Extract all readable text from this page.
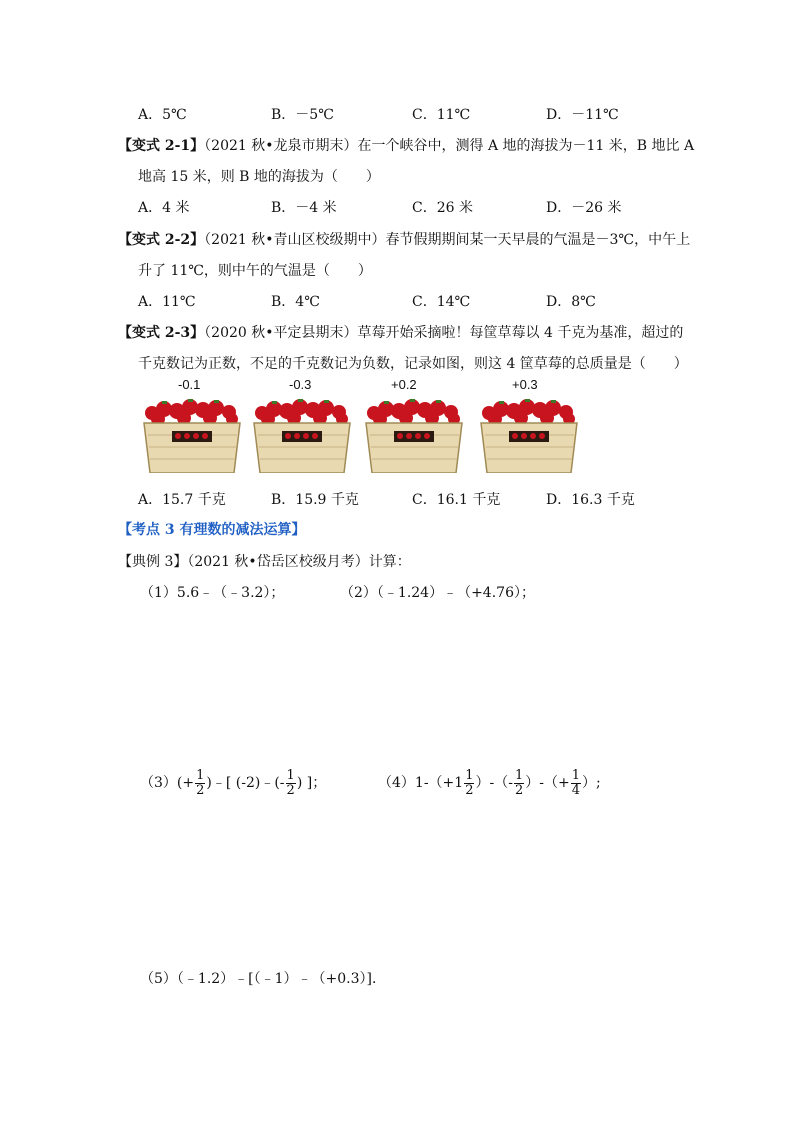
A．5℃	B．－5℃	C．11℃	D．－11℃
【变式 2-1】（2021 秋•龙泉市期末）在一个峡谷中，测得 A 地的海拔为－11 米，B 地比 A
地高 15 米，则 B 地的海拔为（　　）
A．4 米	B．－4 米	C．26 米	D．－26 米
【变式 2-2】（2021 秋•青山区校级期中）春节假期期间某一天早晨的气温是－3℃，中午上
升了 11℃，则中午的气温是（　　）
A．11℃	B．4℃	C．14℃	D．8℃
【变式 2-3】（2020 秋•平定县期末）草莓开始采摘啦！每筐草莓以 4 千克为基准，超过的
千克数记为正数，不足的千克数记为负数，记录如图，则这 4 筐草莓的总质量是（　　）
-0.1	-0.3	+0.2	+0.3
A．15.7 千克	B．15.9 千克	C．16.1 千克	D．16.3 千克
【考点 3 有理数的减法运算】
【典例 3】（2021 秋•岱岳区校级月考）计算：
（1）5.6﹣（﹣3.2）；	（2）（﹣1.24）﹣（+4.76）；
$(3)(+ \frac{1}{2}$ )﹣[ (-2)﹣(- $\frac{1}{2}$ ) ]；	$(4)1-(+1 \frac{1}{2}$ ）-（- $\frac{1}{2}$ ）-（+ $\frac{1}{4}$ ）;
（5）（﹣1.2）﹣[（﹣1）﹣（+0.3）]．
